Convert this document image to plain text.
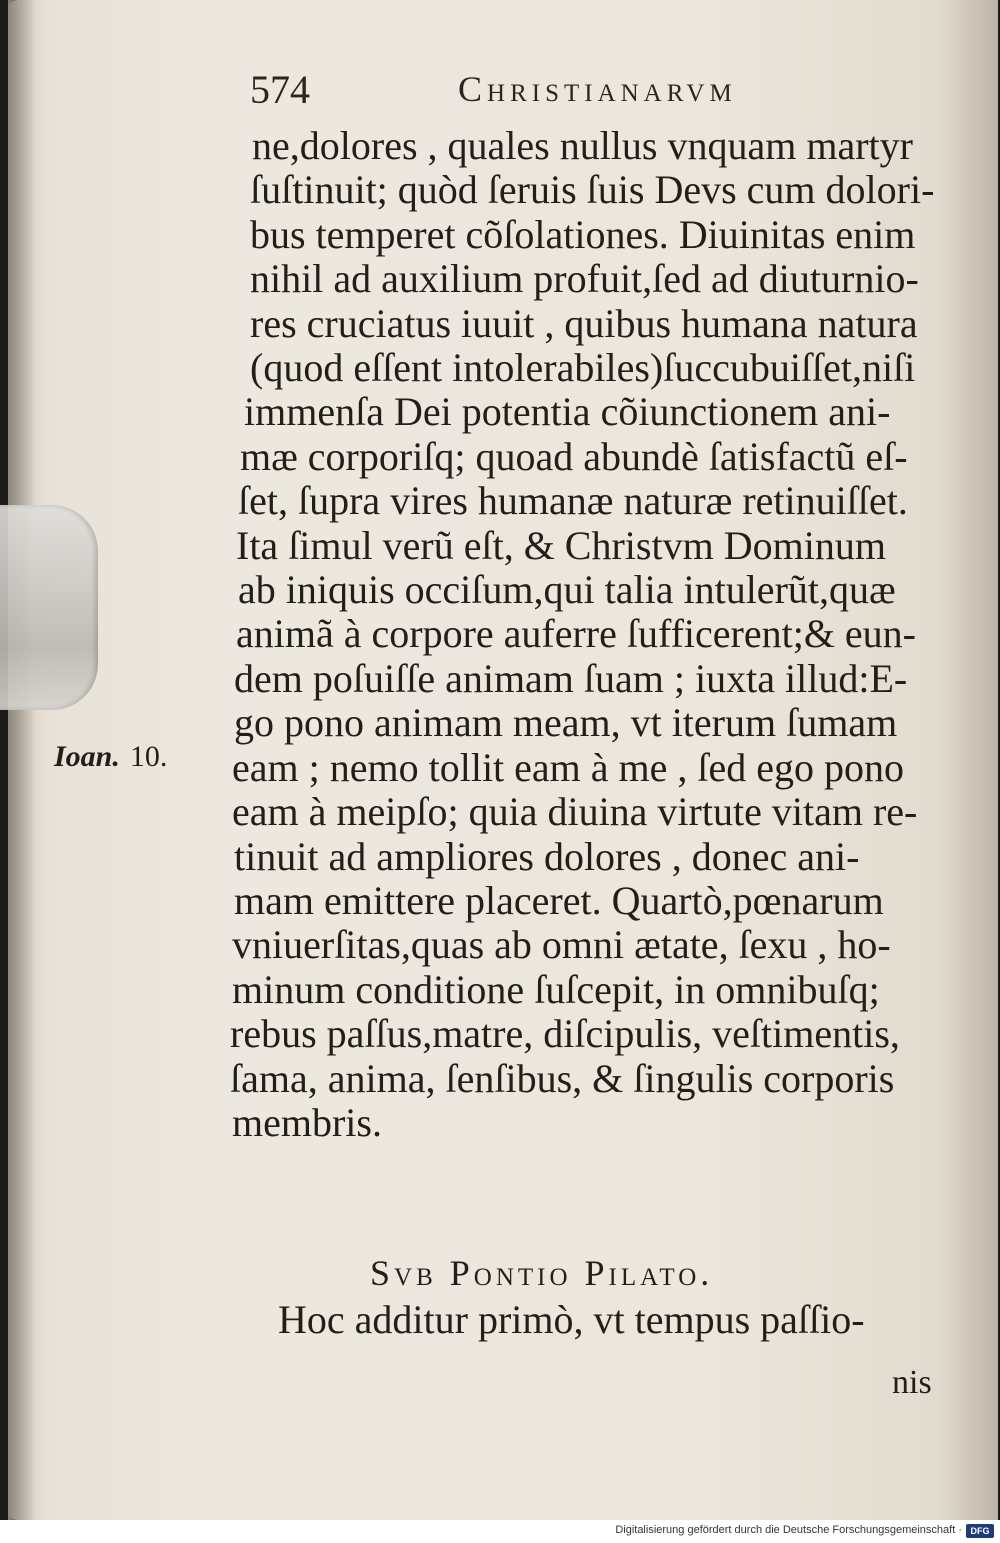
574	Christianarvm
ne,dolores , quales nullus vnquam martyr
ſuſtinuit; quòd ſeruis ſuis Devs cum dolori-
bus temperet cõſolationes. Diuinitas enim
nihil ad auxilium profuit,ſed ad diuturnio-
res cruciatus iuuit , quibus humana natura
(quod eſſent intolerabiles)ſuccubuiſſet,niſi
immenſa Dei potentia cõiunctionem ani-
mæ corporiſq; quoad abundè ſatisfactũ eſ-
ſet, ſupra vires humanæ naturæ retinuiſſet.
Ita ſimul verũ eſt, & Christvm Dominum
ab iniquis occiſum,qui talia intulerũt,quæ
animã à corpore auferre ſufficerent;& eun-
dem poſuiſſe animam ſuam ; iuxta illud:E-
go pono animam meam, vt iterum ſumam
eam ; nemo tollit eam à me , ſed ego pono
eam à meipſo; quia diuina virtute vitam re-
tinuit ad ampliores dolores , donec ani-
mam emittere placeret. Quartò,pœnarum
vniuerſitas,quas ab omni ætate, ſexu , ho-
minum conditione ſuſcepit, in omnibuſq;
rebus paſſus,matre, diſcipulis, veſtimentis,
ſama, anima, ſenſibus, & ſingulis corporis
membris.
Ioan. 10.
Svb Pontio Pilato.
Hoc additur primò, vt tempus paſſio-
nis
Digitalisierung gefördert durch die Deutsche Forschungsgemeinschaft · DFG
